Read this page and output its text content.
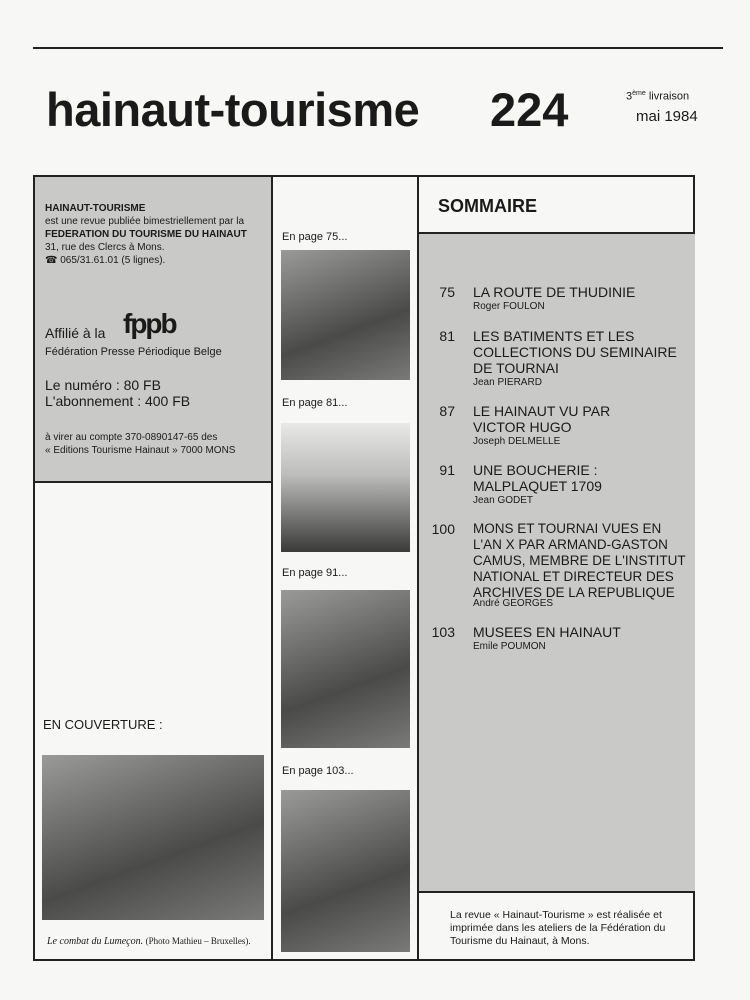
hainaut-tourisme 224	3ème livraison
mai 1984
HAINAUT-TOURISME
est une revue publiée bimestriellement par la
FEDERATION DU TOURISME DU HAINAUT
31, rue des Clercs à Mons.
☎ 065/31.61.01 (5 lignes).
Affilié à la fppb
Fédération Presse Périodique Belge
Le numéro : 80 FB
L'abonnement : 400 FB
à virer au compte 370-0890147-65 des
« Editions Tourisme Hainaut » 7000 MONS
EN COUVERTURE :
Le combat du Lumeçon. (Photo Mathieu – Bruxelles).
En page 75...
En page 81...
En page 91...
En page 103...
SOMMAIRE
75 LA ROUTE DE THUDINIE
Roger FOULON
81 LES BATIMENTS ET LES COLLECTIONS DU SEMINAIRE DE TOURNAI
Jean PIERARD
87 LE HAINAUT VU PAR VICTOR HUGO
Joseph DELMELLE
91 UNE BOUCHERIE : MALPLAQUET 1709
Jean GODET
100 MONS ET TOURNAI VUES EN L'AN X PAR ARMAND-GASTON CAMUS, MEMBRE DE L'INSTITUT NATIONAL ET DIRECTEUR DES ARCHIVES DE LA REPUBLIQUE
André GEORGES
103 MUSEES EN HAINAUT
Emile POUMON
La revue « Hainaut-Tourisme » est réalisée et imprimée dans les ateliers de la Fédération du Tourisme du Hainaut, à Mons.
